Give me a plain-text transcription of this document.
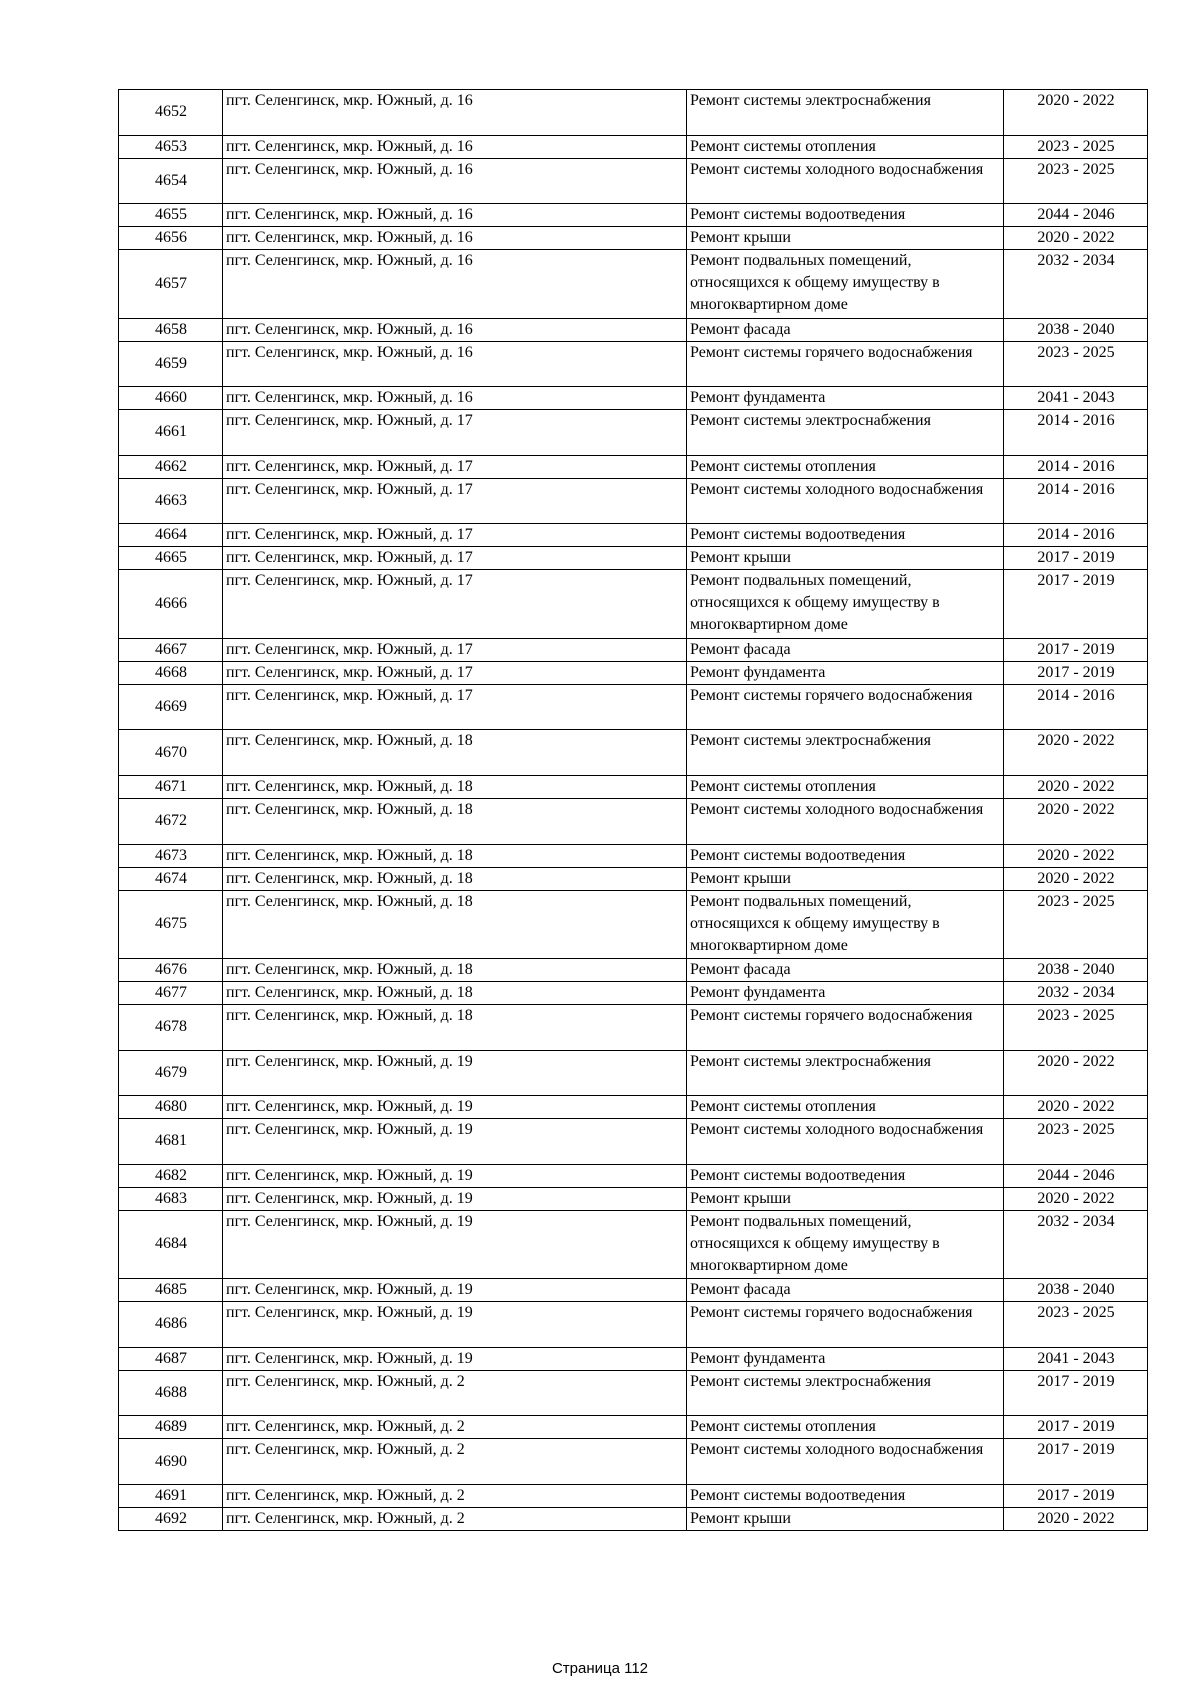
4652	пгт. Селенгинск, мкр. Южный, д. 16	Ремонт системы электроснабжения	2020 - 2022
4653	пгт. Селенгинск, мкр. Южный, д. 16	Ремонт системы отопления	2023 - 2025
4654	пгт. Селенгинск, мкр. Южный, д. 16	Ремонт системы холодного водоснабжения	2023 - 2025
4655	пгт. Селенгинск, мкр. Южный, д. 16	Ремонт системы водоотведения	2044 - 2046
4656	пгт. Селенгинск, мкр. Южный, д. 16	Ремонт крыши	2020 - 2022
4657	пгт. Селенгинск, мкр. Южный, д. 16	Ремонт подвальных помещений, относящихся к общему имуществу в многоквартирном доме	2032 - 2034
4658	пгт. Селенгинск, мкр. Южный, д. 16	Ремонт фасада	2038 - 2040
4659	пгт. Селенгинск, мкр. Южный, д. 16	Ремонт системы горячего водоснабжения	2023 - 2025
4660	пгт. Селенгинск, мкр. Южный, д. 16	Ремонт фундамента	2041 - 2043
4661	пгт. Селенгинск, мкр. Южный, д. 17	Ремонт системы электроснабжения	2014 - 2016
4662	пгт. Селенгинск, мкр. Южный, д. 17	Ремонт системы отопления	2014 - 2016
4663	пгт. Селенгинск, мкр. Южный, д. 17	Ремонт системы холодного водоснабжения	2014 - 2016
4664	пгт. Селенгинск, мкр. Южный, д. 17	Ремонт системы водоотведения	2014 - 2016
4665	пгт. Селенгинск, мкр. Южный, д. 17	Ремонт крыши	2017 - 2019
4666	пгт. Селенгинск, мкр. Южный, д. 17	Ремонт подвальных помещений, относящихся к общему имуществу в многоквартирном доме	2017 - 2019
4667	пгт. Селенгинск, мкр. Южный, д. 17	Ремонт фасада	2017 - 2019
4668	пгт. Селенгинск, мкр. Южный, д. 17	Ремонт фундамента	2017 - 2019
4669	пгт. Селенгинск, мкр. Южный, д. 17	Ремонт системы горячего водоснабжения	2014 - 2016
4670	пгт. Селенгинск, мкр. Южный, д. 18	Ремонт системы электроснабжения	2020 - 2022
4671	пгт. Селенгинск, мкр. Южный, д. 18	Ремонт системы отопления	2020 - 2022
4672	пгт. Селенгинск, мкр. Южный, д. 18	Ремонт системы холодного водоснабжения	2020 - 2022
4673	пгт. Селенгинск, мкр. Южный, д. 18	Ремонт системы водоотведения	2020 - 2022
4674	пгт. Селенгинск, мкр. Южный, д. 18	Ремонт крыши	2020 - 2022
4675	пгт. Селенгинск, мкр. Южный, д. 18	Ремонт подвальных помещений, относящихся к общему имуществу в многоквартирном доме	2023 - 2025
4676	пгт. Селенгинск, мкр. Южный, д. 18	Ремонт фасада	2038 - 2040
4677	пгт. Селенгинск, мкр. Южный, д. 18	Ремонт фундамента	2032 - 2034
4678	пгт. Селенгинск, мкр. Южный, д. 18	Ремонт системы горячего водоснабжения	2023 - 2025
4679	пгт. Селенгинск, мкр. Южный, д. 19	Ремонт системы электроснабжения	2020 - 2022
4680	пгт. Селенгинск, мкр. Южный, д. 19	Ремонт системы отопления	2020 - 2022
4681	пгт. Селенгинск, мкр. Южный, д. 19	Ремонт системы холодного водоснабжения	2023 - 2025
4682	пгт. Селенгинск, мкр. Южный, д. 19	Ремонт системы водоотведения	2044 - 2046
4683	пгт. Селенгинск, мкр. Южный, д. 19	Ремонт крыши	2020 - 2022
4684	пгт. Селенгинск, мкр. Южный, д. 19	Ремонт подвальных помещений, относящихся к общему имуществу в многоквартирном доме	2032 - 2034
4685	пгт. Селенгинск, мкр. Южный, д. 19	Ремонт фасада	2038 - 2040
4686	пгт. Селенгинск, мкр. Южный, д. 19	Ремонт системы горячего водоснабжения	2023 - 2025
4687	пгт. Селенгинск, мкр. Южный, д. 19	Ремонт фундамента	2041 - 2043
4688	пгт. Селенгинск, мкр. Южный, д. 2	Ремонт системы электроснабжения	2017 - 2019
4689	пгт. Селенгинск, мкр. Южный, д. 2	Ремонт системы отопления	2017 - 2019
4690	пгт. Селенгинск, мкр. Южный, д. 2	Ремонт системы холодного водоснабжения	2017 - 2019
4691	пгт. Селенгинск, мкр. Южный, д. 2	Ремонт системы водоотведения	2017 - 2019
4692	пгт. Селенгинск, мкр. Южный, д. 2	Ремонт крыши	2020 - 2022
Страница 112
